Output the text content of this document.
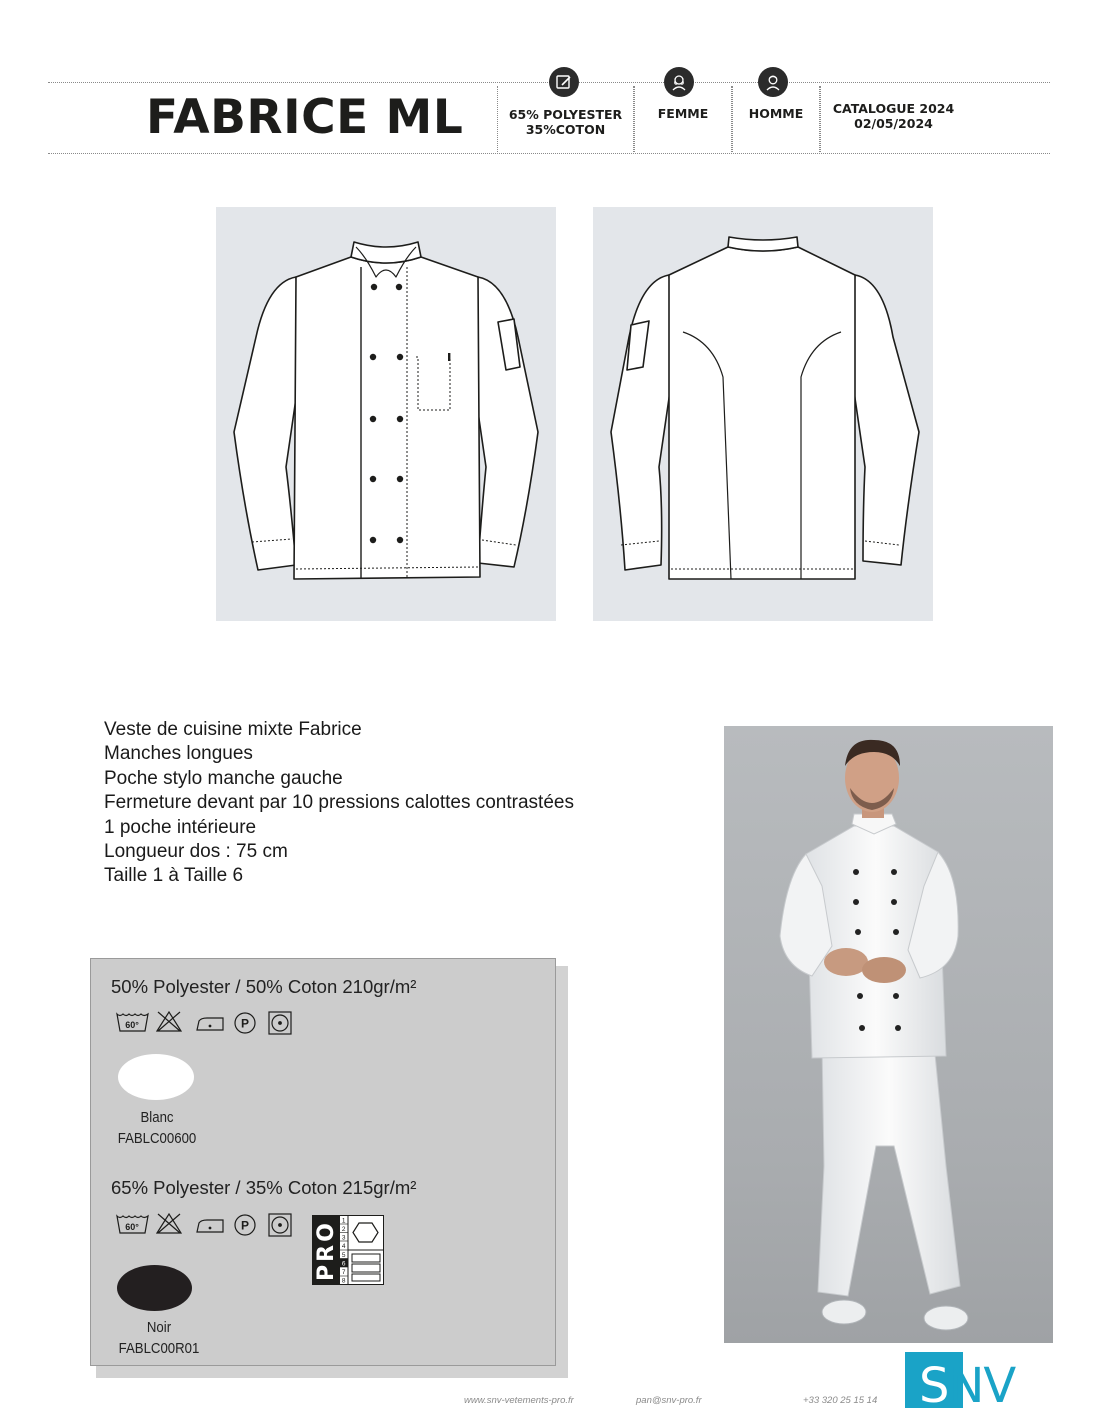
FABRICE ML	65% POLYESTER
35%COTON
FEMME	HOMME	CATALOGUE 2024
02/05/2024
Veste de cuisine mixte Fabrice
Manches longues
Poche stylo manche gauche
Fermeture devant par 10 pressions calottes contrastées
1 poche intérieure
Longueur dos : 75 cm
Taille 1 à Taille 6
50% Polyester / 50% Coton 210gr/m²
60°	P
Blanc
FABLC00600
65% Polyester / 35% Coton 215gr/m²
60°	P	1
2
3
4
5
6
7
8
PRO
Noir
FABLC00R01
www.snv-vetements-pro.fr	pan@snv-pro.fr	+33 320 25 15 14 SNV
